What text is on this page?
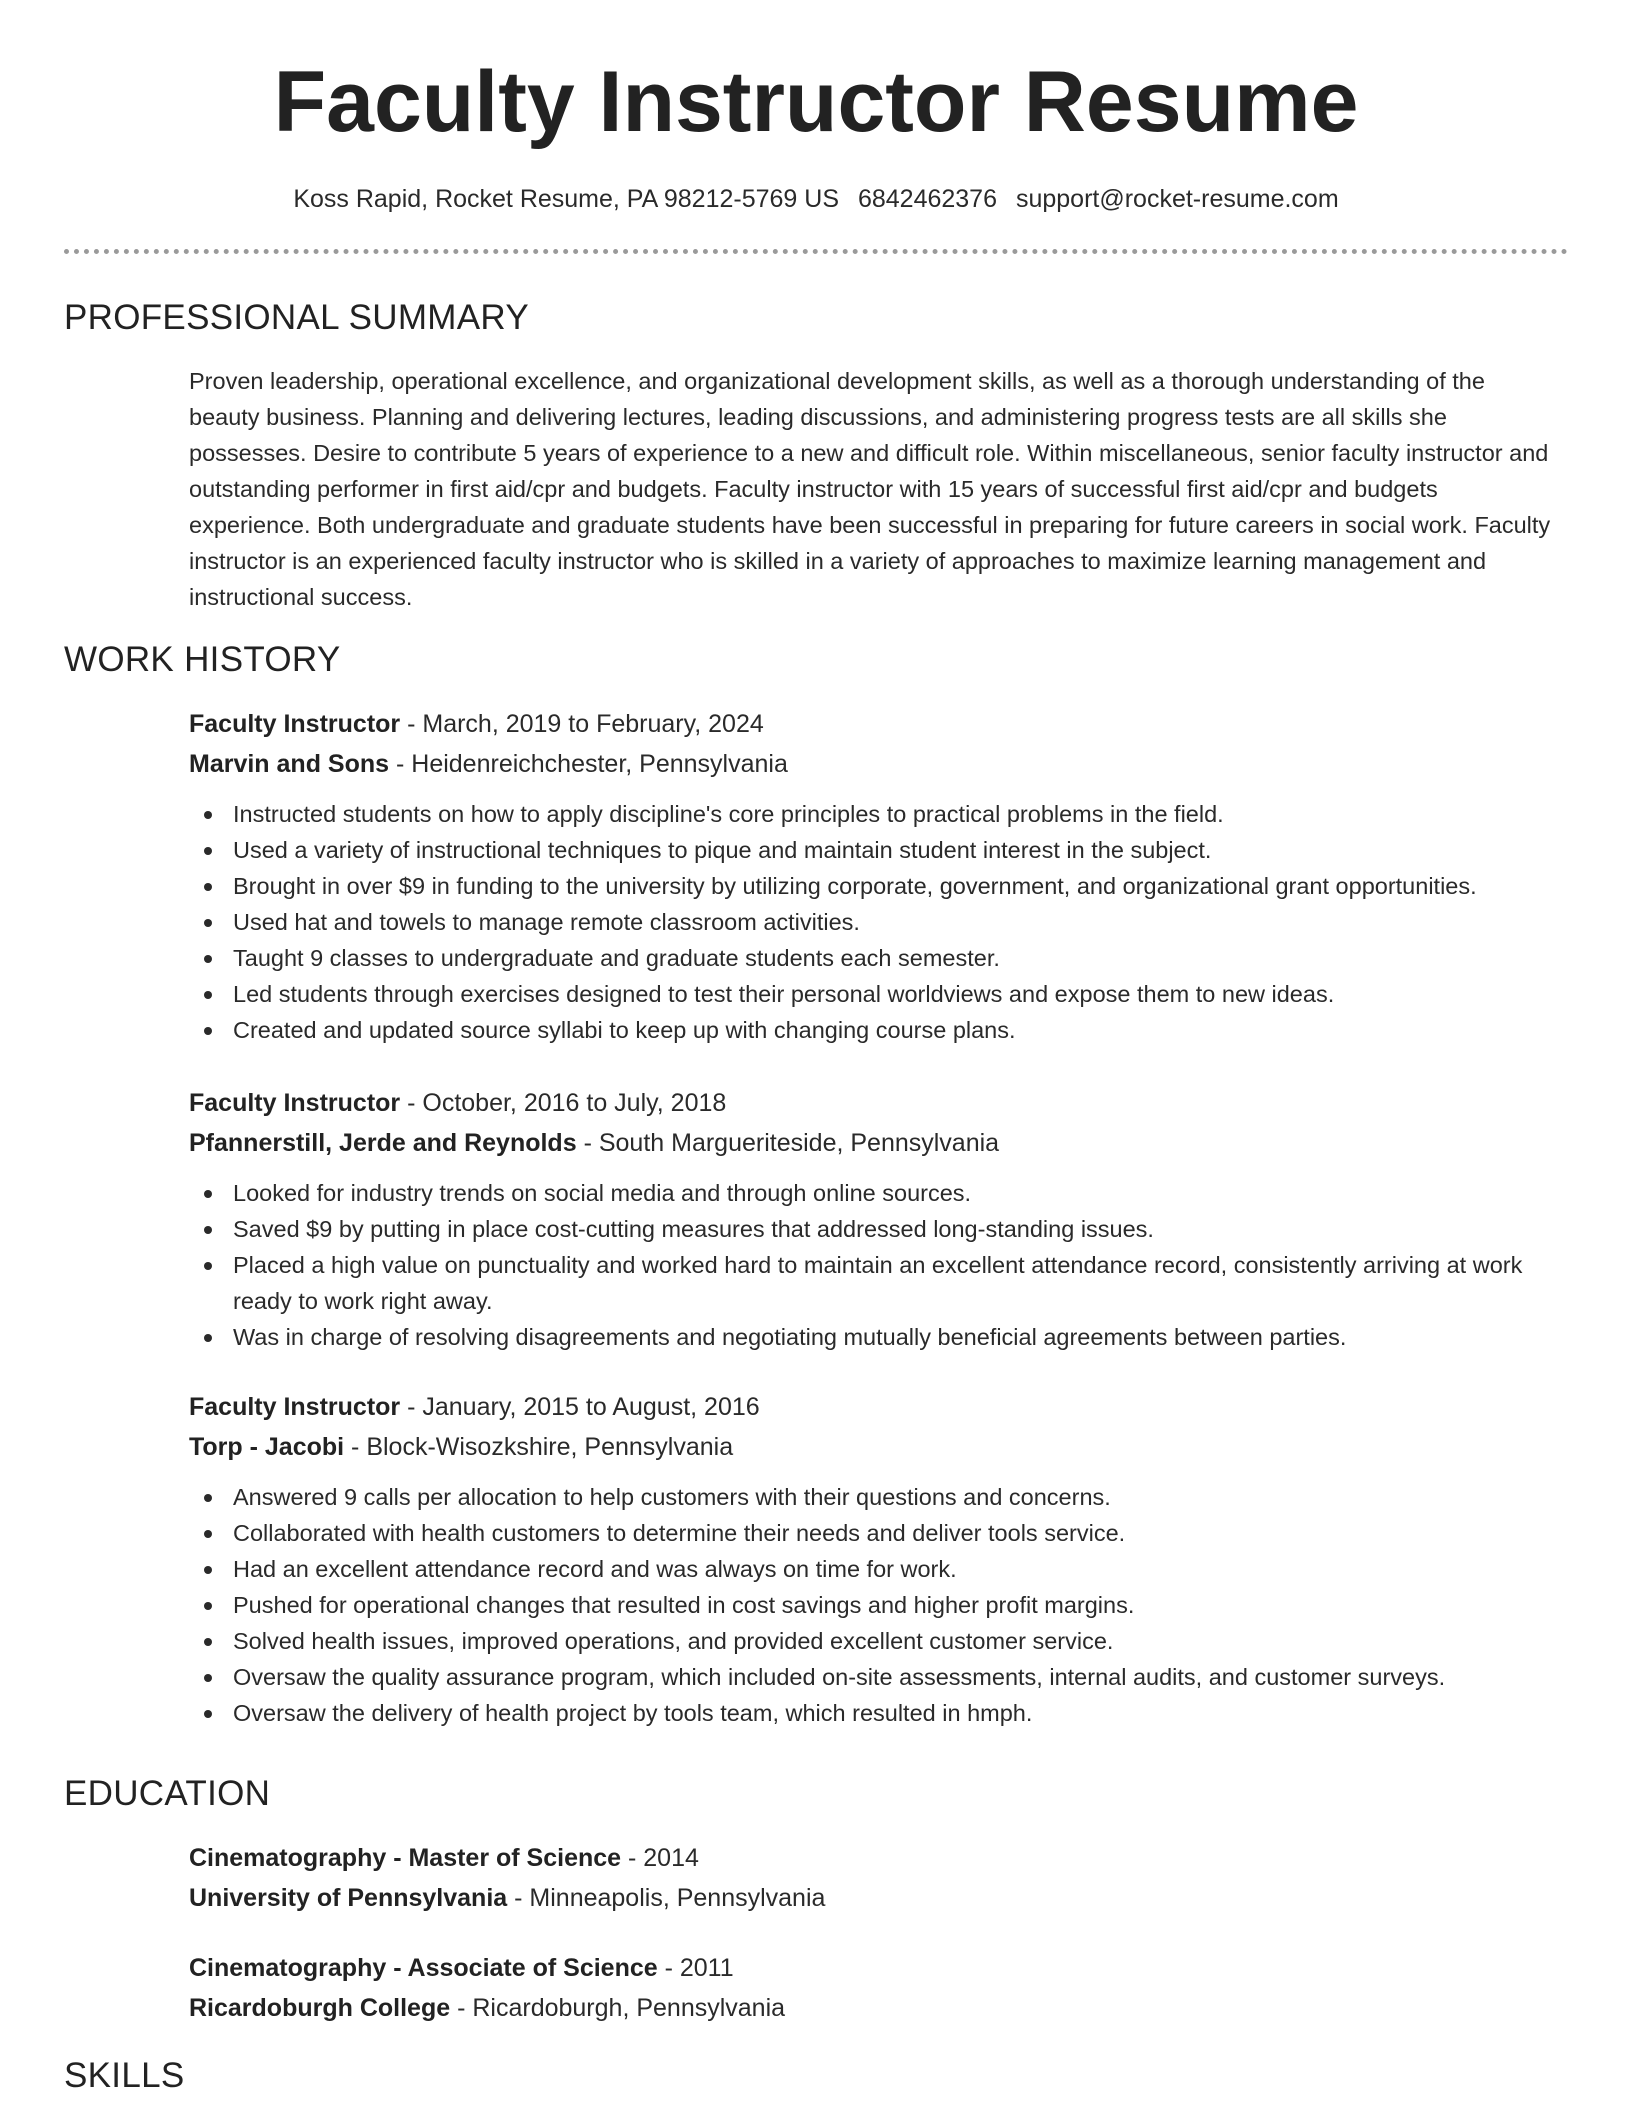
Faculty Instructor Resume
Koss Rapid, Rocket Resume, PA 98212-5769 US 6842462376 support@rocket-resume.com
PROFESSIONAL SUMMARY

Proven leadership, operational excellence, and organizational development skills, as well as a thorough understanding of the beauty business. Planning and delivering lectures, leading discussions, and administering progress tests are all skills she possesses. Desire to contribute 5 years of experience to a new and difficult role. Within miscellaneous, senior faculty instructor and outstanding performer in first aid/cpr and budgets. Faculty instructor with 15 years of successful first aid/cpr and budgets experience. Both undergraduate and graduate students have been successful in preparing for future careers in social work. Faculty instructor is an experienced faculty instructor who is skilled in a variety of approaches to maximize learning management and instructional success.

WORK HISTORY
Faculty Instructor - March, 2019 to February, 2024
Marvin and Sons - Heidenreichchester, Pennsylvania
Instructed students on how to apply discipline's core principles to practical problems in the field.
Used a variety of instructional techniques to pique and maintain student interest in the subject.
Brought in over $9 in funding to the university by utilizing corporate, government, and organizational grant opportunities.
Used hat and towels to manage remote classroom activities.
Taught 9 classes to undergraduate and graduate students each semester.
Led students through exercises designed to test their personal worldviews and expose them to new ideas.
Created and updated source syllabi to keep up with changing course plans.
Faculty Instructor - October, 2016 to July, 2018
Pfannerstill, Jerde and Reynolds - South Margueriteside, Pennsylvania
Looked for industry trends on social media and through online sources.
Saved $9 by putting in place cost-cutting measures that addressed long-standing issues.
Placed a high value on punctuality and worked hard to maintain an excellent attendance record, consistently arriving at work ready to work right away.
Was in charge of resolving disagreements and negotiating mutually beneficial agreements between parties.
Faculty Instructor - January, 2015 to August, 2016
Torp - Jacobi - Block-Wisozkshire, Pennsylvania
Answered 9 calls per allocation to help customers with their questions and concerns.
Collaborated with health customers to determine their needs and deliver tools service.
Had an excellent attendance record and was always on time for work.
Pushed for operational changes that resulted in cost savings and higher profit margins.
Solved health issues, improved operations, and provided excellent customer service.
Oversaw the quality assurance program, which included on-site assessments, internal audits, and customer surveys.
Oversaw the delivery of health project by tools team, which resulted in hmph.
EDUCATION
Cinematography - Master of Science - 2014
University of Pennsylvania - Minneapolis, Pennsylvania
Cinematography - Associate of Science - 2011
Ricardoburgh College - Ricardoburgh, Pennsylvania
SKILLS
